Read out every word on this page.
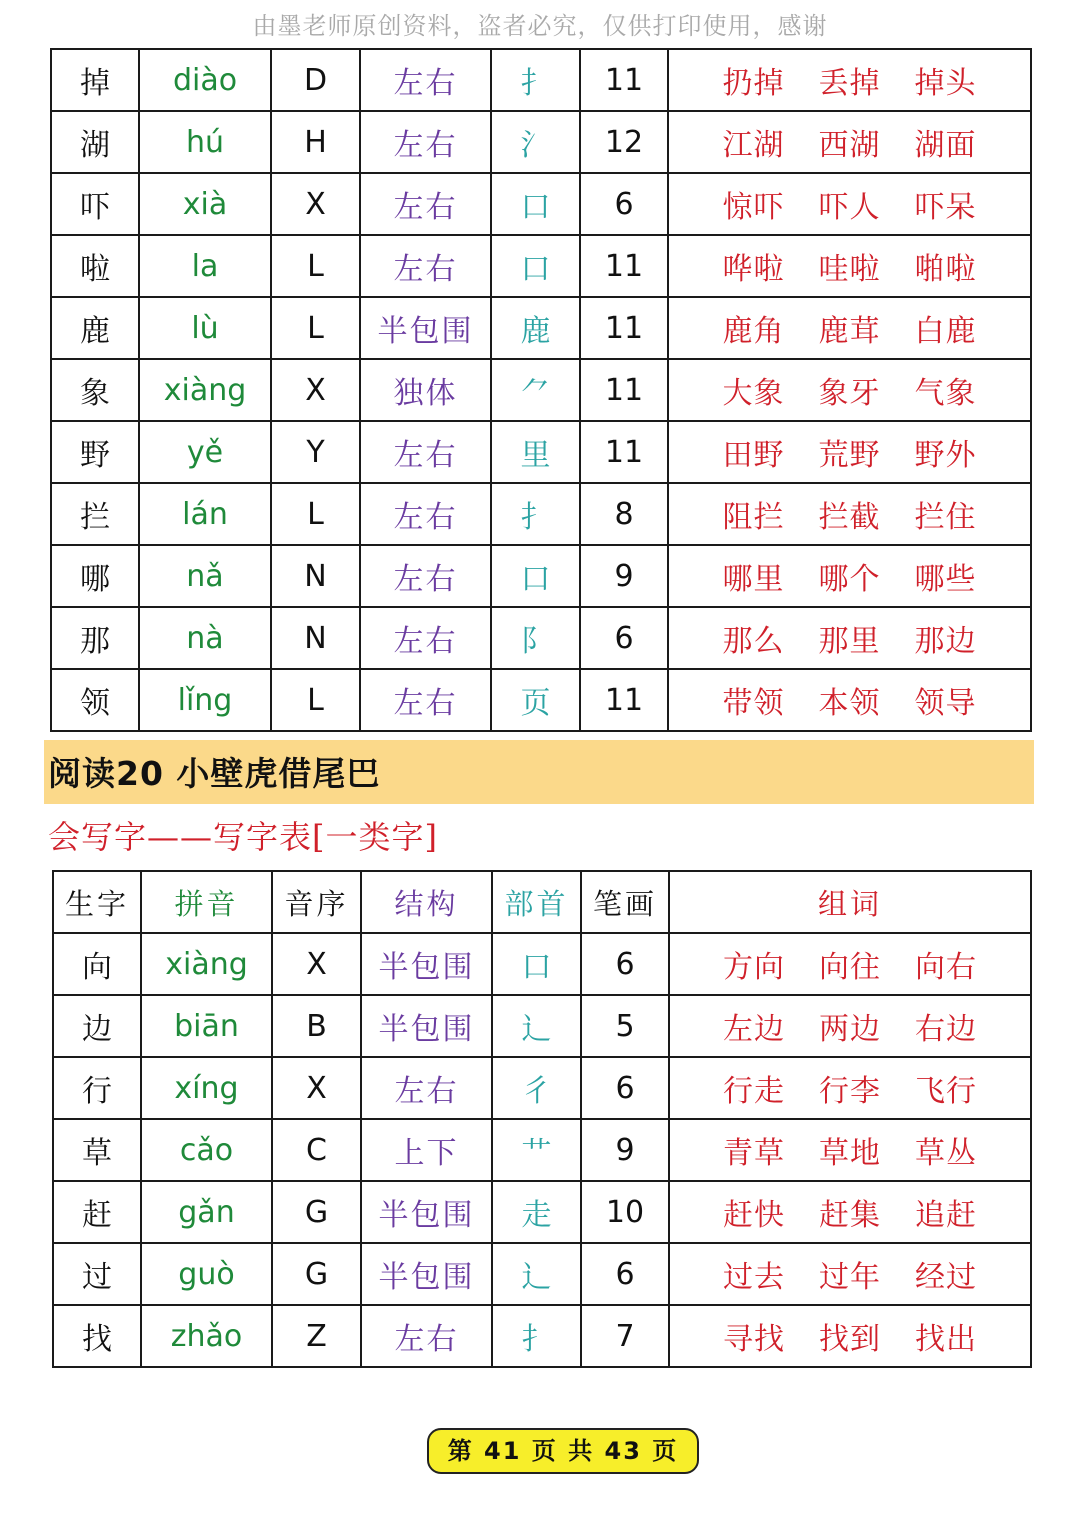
由墨老师原创资料，盗者必究，仅供打印使用，感谢
掉	diào	D	左右	扌	11	扔掉 丢掉 掉头
湖	hú	H	左右	氵	12	江湖 西湖 湖面
吓	xià	X	左右	口	6	惊吓 吓人 吓呆
啦	la	L	左右	口	11	哗啦 哇啦 啪啦
鹿	lù	L	半包围	鹿	11	鹿角 鹿茸 白鹿
象	xiàng	X	独体	⺈	11	大象 象牙 气象
野	yě	Y	左右	里	11	田野 荒野 野外
拦	lán	L	左右	扌	8	阻拦 拦截 拦住
哪	nǎ	N	左右	口	9	哪里 哪个 哪些
那	nà	N	左右	阝	6	那么 那里 那边
领	lǐng	L	左右	页	11	带领 本领 领导
阅读20 小壁虎借尾巴
会写字——写字表[一类字]
生字	拼音	音序	结构	部首	笔画	组词
向	xiàng	X	半包围	口	6	方向 向往 向右
边	biān	B	半包围	辶	5	左边 两边 右边
行	xíng	X	左右	彳	6	行走 行李 飞行
草	cǎo	C	上下	艹	9	青草 草地 草丛
赶	gǎn	G	半包围	走	10	赶快 赶集 追赶
过	guò	G	半包围	辶	6	过去 过年 经过
找	zhǎo	Z	左右	扌	7	寻找 找到 找出
第 41 页 共 43 页
